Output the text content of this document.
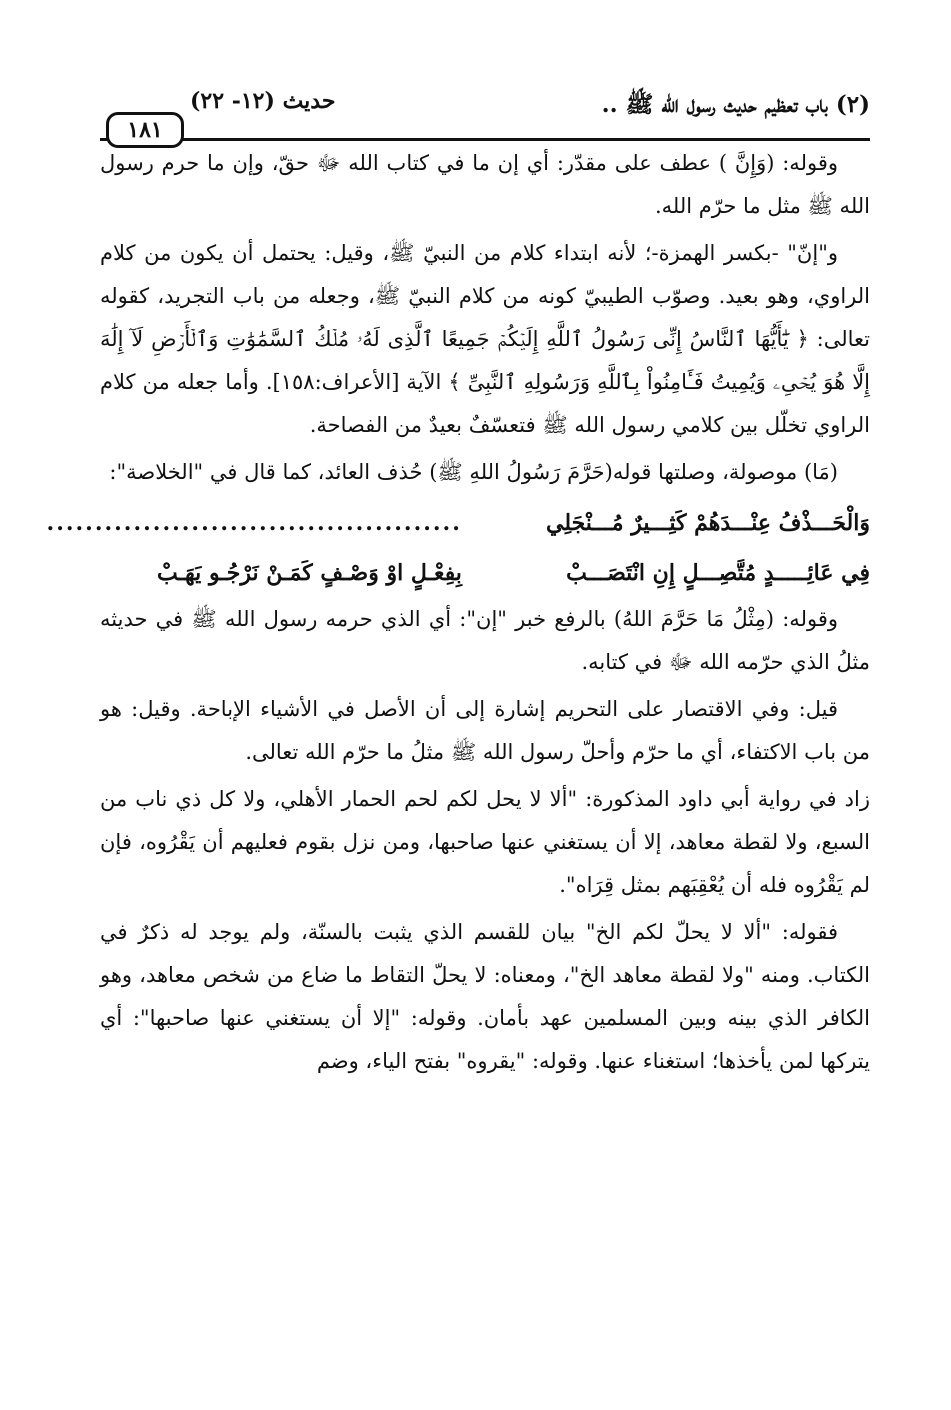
(٢) باب تعظيم حديث رسول الله ﷺ ..
حديث (١٢- ٢٢)
١٨١

وقوله: (وَإِنَّ ) عطف على مقدّر: أي إن ما في كتاب الله ﷻ حقّ، وإن ما حرم رسول الله ﷺ مثل ما حرّم الله.

و"إنّ" -بكسر الهمزة-؛ لأنه ابتداء كلام من النبيّ ﷺ، وقيل: يحتمل أن يكون من كلام الراوي، وهو بعيد. وصوّب الطيبيّ كونه من كلام النبيّ ﷺ، وجعله من باب التجريد، كقوله تعالى: ﴿ يَٰٓأَيُّهَا ٱلنَّاسُ إِنِّى رَسُولُ ٱللَّهِ إِلَيۡكُمۡ جَمِيعًا ٱلَّذِى لَهُۥ مُلۡكُ ٱلسَّمَٰوَٰتِ وَٱلۡأَرۡضِ لَآ إِلَٰهَ إِلَّا هُوَ يُحۡىِۦ وَيُمِيتُ فَـَٔامِنُواْ بِٱللَّهِ وَرَسُولِهِ ٱلنَّبِىِّ ﴾ الآية [الأعراف:١٥٨]. وأما جعله من كلام الراوي تخلّل بين كلامي رسول الله ﷺ فتعسّفٌ بعيدٌ من الفصاحة.

(مَا) موصولة، وصلتها قوله(حَرَّمَ رَسُولُ اللهِ ﷺ) حُذف العائد، كما قال في "الخلاصة":

وَالْحَـــذْفُ عِنْـــدَهُمْ كَثِـــيرٌ مُـــنْجَلِي
...........................................
فِي عَائِـــــدٍ مُتَّصِـــلٍ إِنِ انْتَصَـــبْ
بِفِعْـلٍ اوْ وَصْـفٍ كَمَـنْ نَرْجُـو يَهَـبْ

وقوله: (مِثْلُ مَا حَرَّمَ اللهُ) بالرفع خبر "إن": أي الذي حرمه رسول الله ﷺ في حديثه مثلُ الذي حرّمه الله ﷻ في كتابه.

قيل: وفي الاقتصار على التحريم إشارة إلى أن الأصل في الأشياء الإباحة. وقيل: هو من باب الاكتفاء، أي ما حرّم وأحلّ رسول الله ﷺ مثلُ ما حرّم الله تعالى.

زاد في رواية أبي داود المذكورة: "ألا لا يحل لكم لحم الحمار الأهلي، ولا كل ذي ناب من السبع، ولا لقطة معاهد، إلا أن يستغني عنها صاحبها، ومن نزل بقوم فعليهم أن يَقْرُوه، فإن لم يَقْرُوه فله أن يُعْقِبَهم بمثل قِرَاه".

فقوله: "ألا لا يحلّ لكم الخ" بيان للقسم الذي يثبت بالسنّة، ولم يوجد له ذكرٌ في الكتاب. ومنه "ولا لقطة معاهد الخ"، ومعناه: لا يحلّ التقاط ما ضاع من شخص معاهد، وهو الكافر الذي بينه وبين المسلمين عهد بأمان. وقوله: "إلا أن يستغني عنها صاحبها": أي يتركها لمن يأخذها؛ استغناء عنها. وقوله: "يقروه" بفتح الياء، وضم
